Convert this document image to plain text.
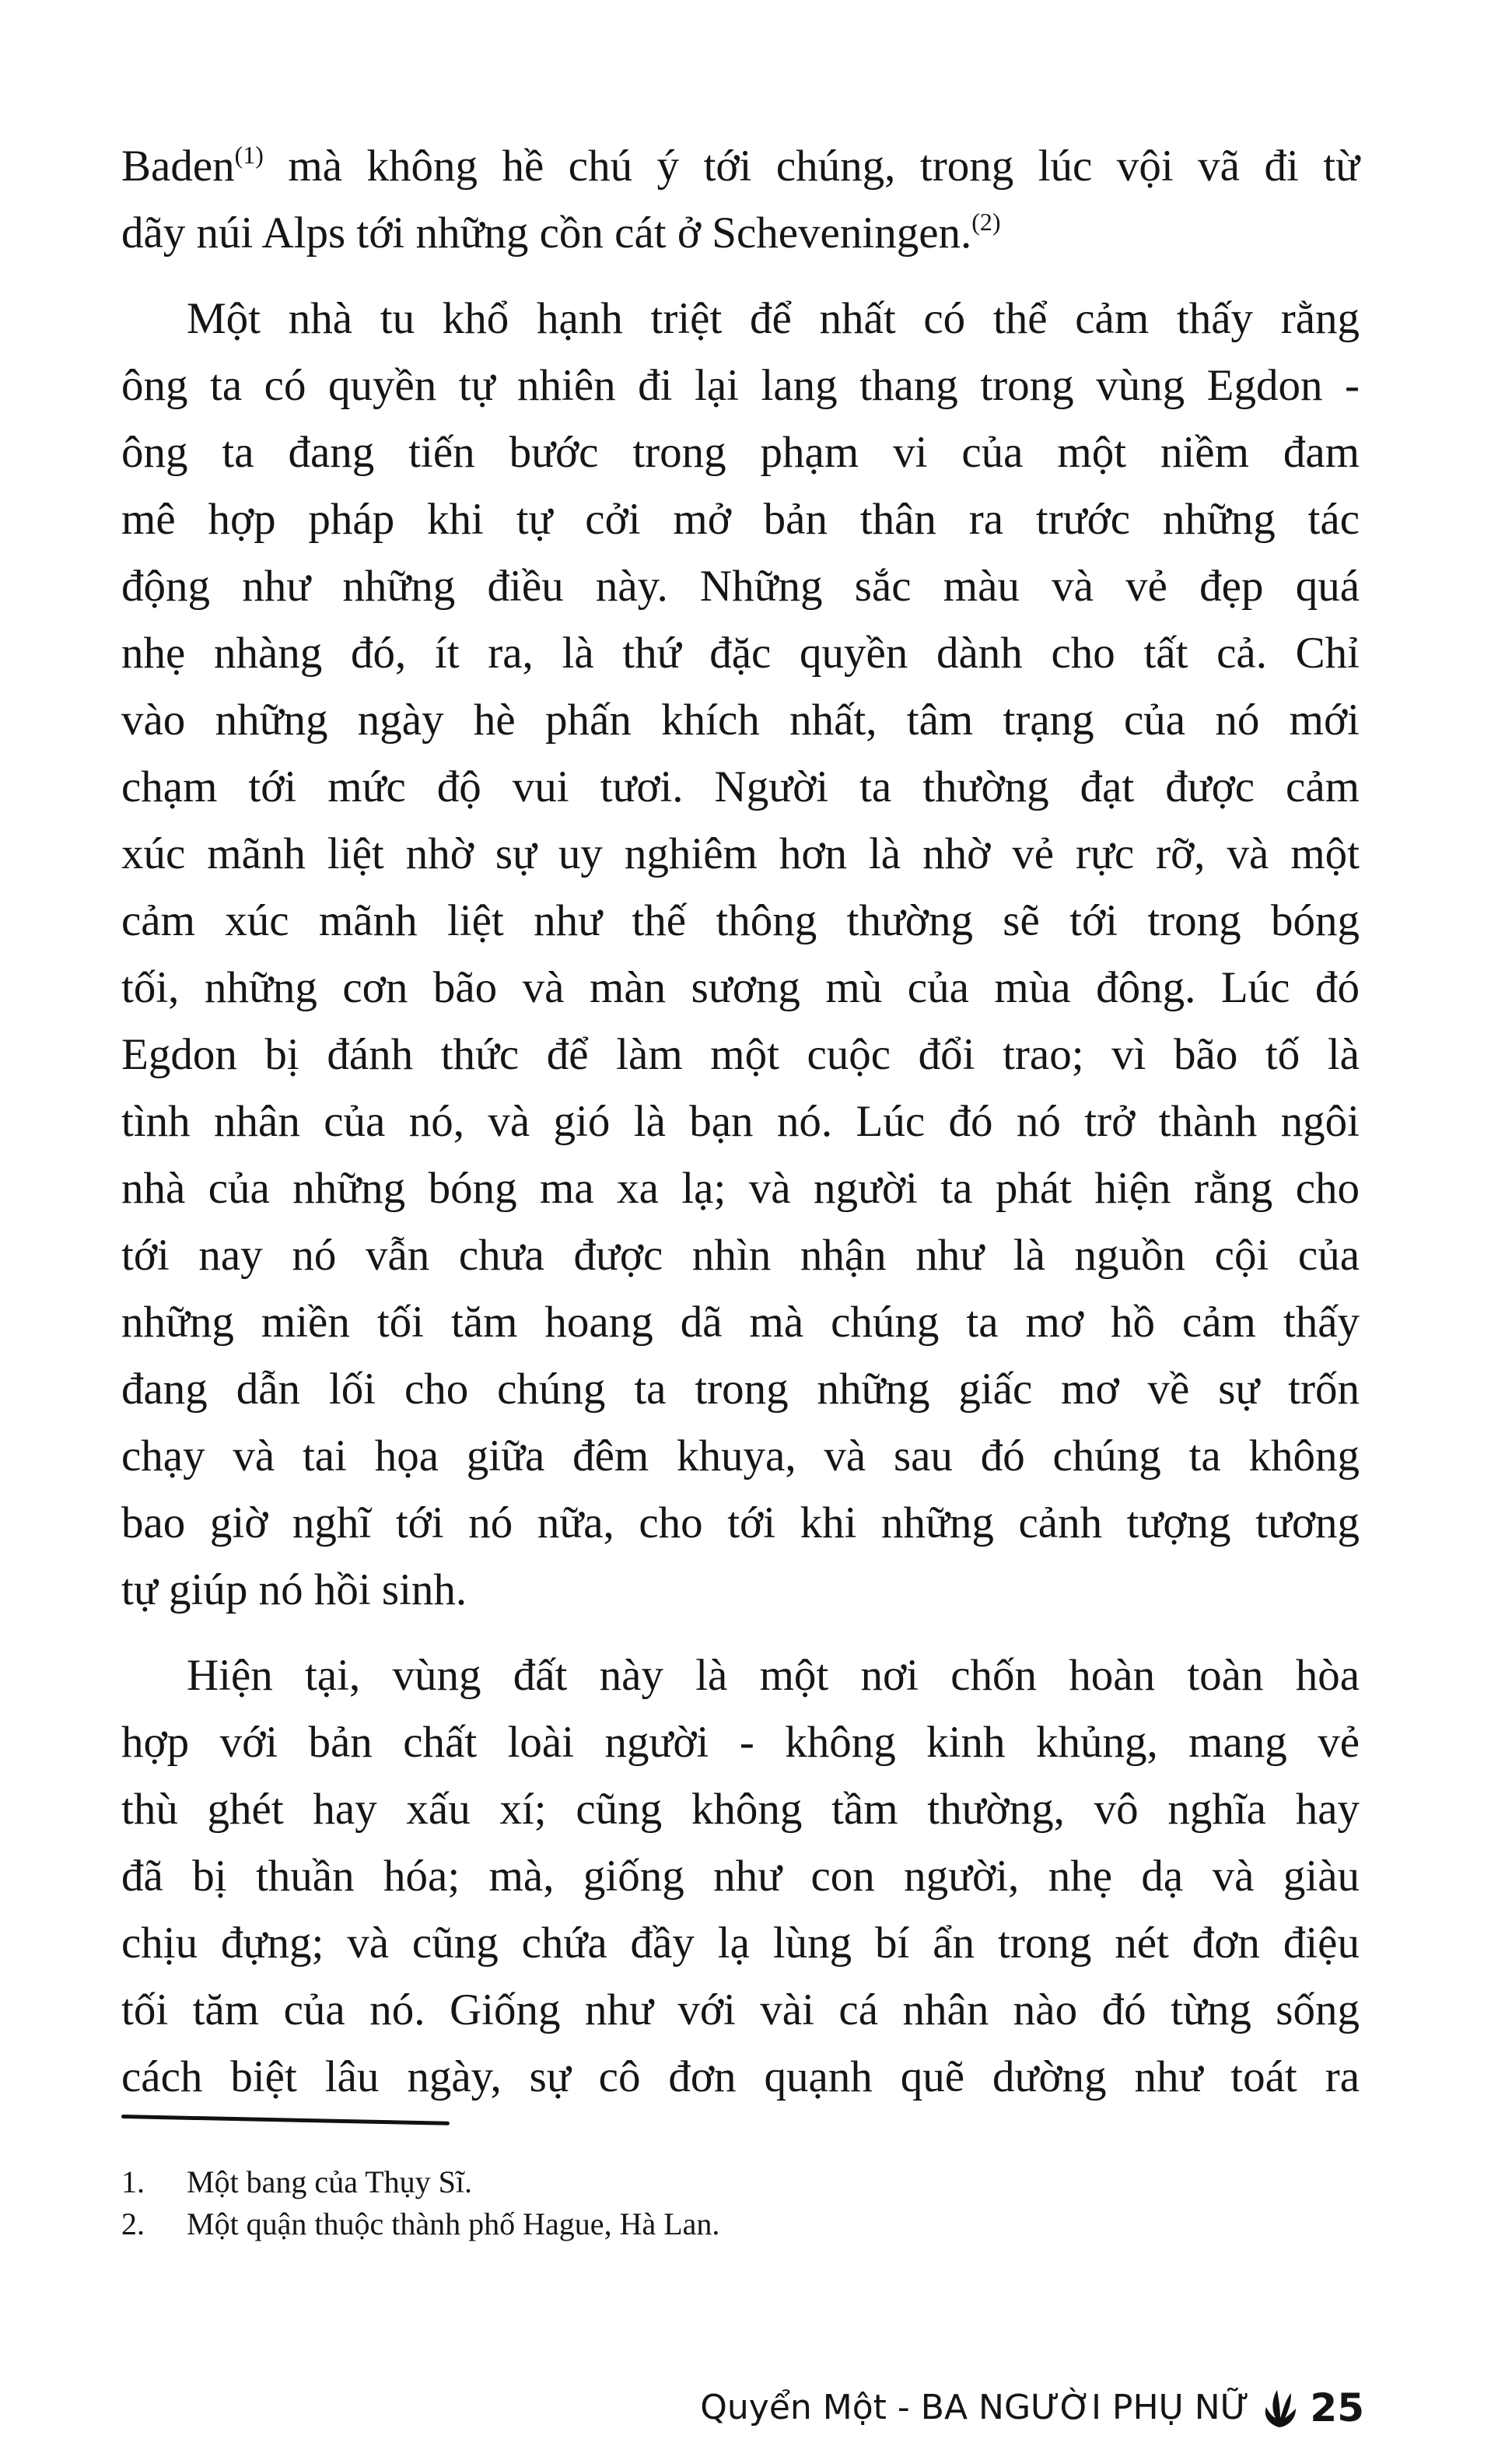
Baden$^{(1)}$ mà không hề chú ý tới chúng, trong lúc vội vã đi từ
dãy núi Alps tới những cồn cát ở Scheveningen.$^{(2)}$
Một nhà tu khổ hạnh triệt để nhất có thể cảm thấy rằng
ông ta có quyền tự nhiên đi lại lang thang trong vùng Egdon -
ông ta đang tiến bước trong phạm vi của một niềm đam
mê hợp pháp khi tự cởi mở bản thân ra trước những tác
động như những điều này. Những sắc màu và vẻ đẹp quá
nhẹ nhàng đó, ít ra, là thứ đặc quyền dành cho tất cả. Chỉ
vào những ngày hè phấn khích nhất, tâm trạng của nó mới
chạm tới mức độ vui tươi. Người ta thường đạt được cảm
xúc mãnh liệt nhờ sự uy nghiêm hơn là nhờ vẻ rực rỡ, và một
cảm xúc mãnh liệt như thế thông thường sẽ tới trong bóng
tối, những cơn bão và màn sương mù của mùa đông. Lúc đó
Egdon bị đánh thức để làm một cuộc đổi trao; vì bão tố là
tình nhân của nó, và gió là bạn nó. Lúc đó nó trở thành ngôi
nhà của những bóng ma xa lạ; và người ta phát hiện rằng cho
tới nay nó vẫn chưa được nhìn nhận như là nguồn cội của
những miền tối tăm hoang dã mà chúng ta mơ hồ cảm thấy
đang dẫn lối cho chúng ta trong những giấc mơ về sự trốn
chạy và tai họa giữa đêm khuya, và sau đó chúng ta không
bao giờ nghĩ tới nó nữa, cho tới khi những cảnh tượng tương
tự giúp nó hồi sinh.
Hiện tại, vùng đất này là một nơi chốn hoàn toàn hòa
hợp với bản chất loài người - không kinh khủng, mang vẻ
thù ghét hay xấu xí; cũng không tầm thường, vô nghĩa hay
đã bị thuần hóa; mà, giống như con người, nhẹ dạ và giàu
chịu đựng; và cũng chứa đầy lạ lùng bí ẩn trong nét đơn điệu
tối tăm của nó. Giống như với vài cá nhân nào đó từng sống
cách biệt lâu ngày, sự cô đơn quạnh quẽ dường như toát ra
1. Một bang của Thụy Sĩ.
2. Một quận thuộc thành phố Hague, Hà Lan.
Quyển Một - BA NGƯỜI PHỤ NỮ 25
